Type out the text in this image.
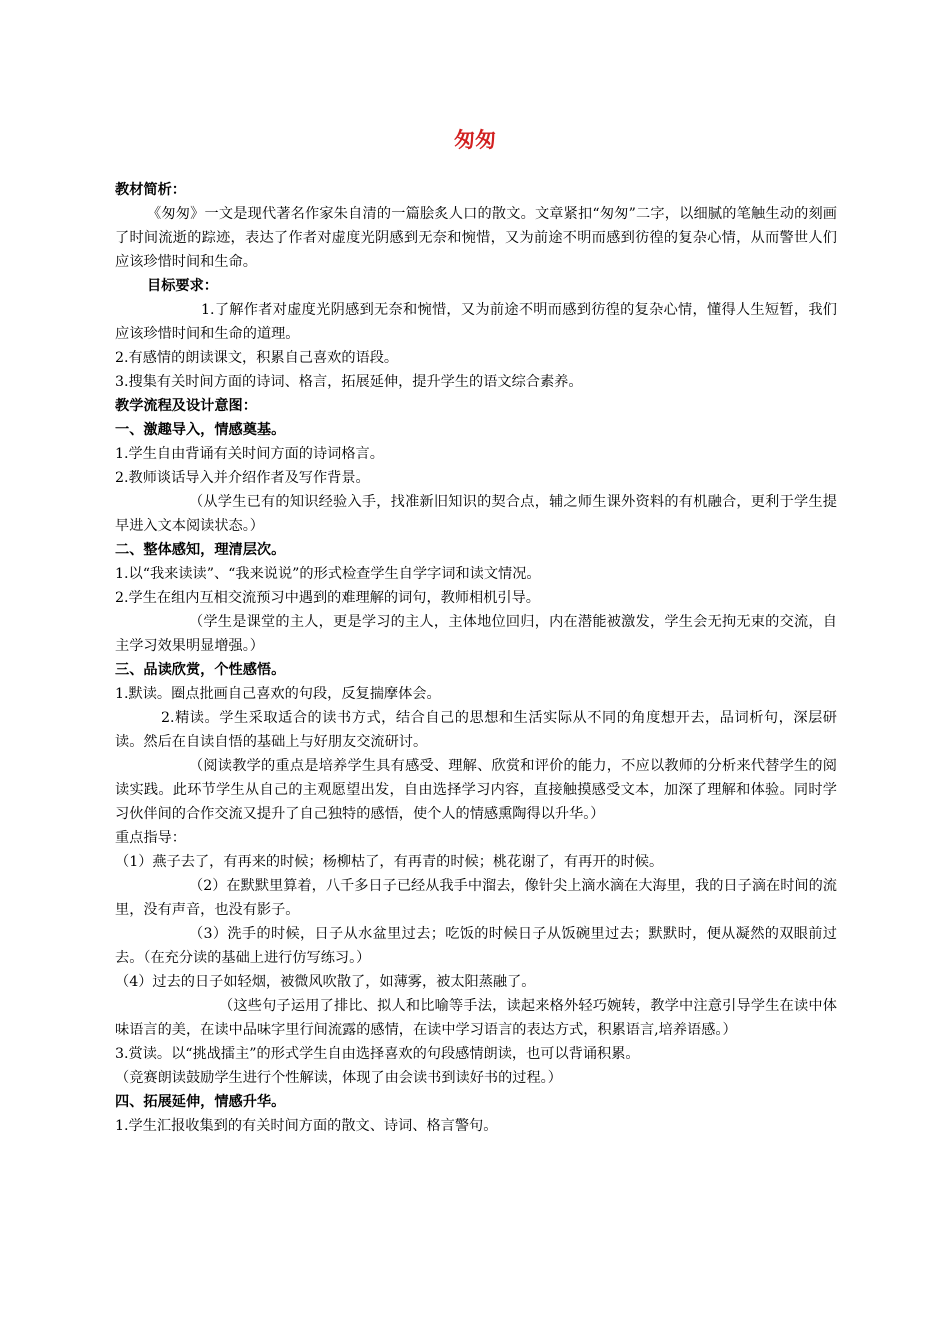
匆匆

教材简析：

《匆匆》一文是现代著名作家朱自清的一篇脍炙人口的散文。文章紧扣“匆匆”二字，以细腻的笔触生动的刻画了时间流逝的踪迹，表达了作者对虚度光阴感到无奈和惋惜，又为前途不明而感到彷徨的复杂心情，从而警世人们应该珍惜时间和生命。

目标要求：

1.了解作者对虚度光阴感到无奈和惋惜，又为前途不明而感到彷徨的复杂心情，懂得人生短暂，我们应该珍惜时间和生命的道理。

2.有感情的朗读课文，积累自己喜欢的语段。

3.搜集有关时间方面的诗词、格言，拓展延伸，提升学生的语文综合素养。

教学流程及设计意图：

一、激趣导入，情感奠基。

1.学生自由背诵有关时间方面的诗词格言。

2.教师谈话导入并介绍作者及写作背景。

（从学生已有的知识经验入手，找准新旧知识的契合点，辅之师生课外资料的有机融合，更利于学生提早进入文本阅读状态。）

二、整体感知，理清层次。

1.以“我来读读”、“我来说说”的形式检查学生自学字词和读文情况。

2.学生在组内互相交流预习中遇到的难理解的词句，教师相机引导。

（学生是课堂的主人，更是学习的主人，主体地位回归，内在潜能被激发，学生会无拘无束的交流，自主学习效果明显增强。）

三、品读欣赏，个性感悟。

1.默读。圈点批画自己喜欢的句段，反复揣摩体会。

2.精读。学生采取适合的读书方式，结合自己的思想和生活实际从不同的角度想开去，品词析句，深层研读。然后在自读自悟的基础上与好朋友交流研讨。

（阅读教学的重点是培养学生具有感受、理解、欣赏和评价的能力，不应以教师的分析来代替学生的阅读实践。此环节学生从自己的主观愿望出发，自由选择学习内容，直接触摸感受文本，加深了理解和体验。同时学习伙伴间的合作交流又提升了自己独特的感悟，使个人的情感熏陶得以升华。）

重点指导：

（1）燕子去了，有再来的时候；杨柳枯了，有再青的时候；桃花谢了，有再开的时候。

（2）在默默里算着，八千多日子已经从我手中溜去，像针尖上滴水滴在大海里，我的日子滴在时间的流里，没有声音，也没有影子。

（3）洗手的时候，日子从水盆里过去；吃饭的时候日子从饭碗里过去；默默时，便从凝然的双眼前过去。（在充分读的基础上进行仿写练习。）

（4）过去的日子如轻烟，被微风吹散了，如薄雾，被太阳蒸融了。

（这些句子运用了排比、拟人和比喻等手法，读起来格外轻巧婉转，教学中注意引导学生在读中体味语言的美，在读中品味字里行间流露的感情，在读中学习语言的表达方式，积累语言,培养语感。）

3.赏读。以“挑战擂主”的形式学生自由选择喜欢的句段感情朗读，也可以背诵积累。

（竞赛朗读鼓励学生进行个性解读，体现了由会读书到读好书的过程。）

四、拓展延伸，情感升华。

1.学生汇报收集到的有关时间方面的散文、诗词、格言警句。
